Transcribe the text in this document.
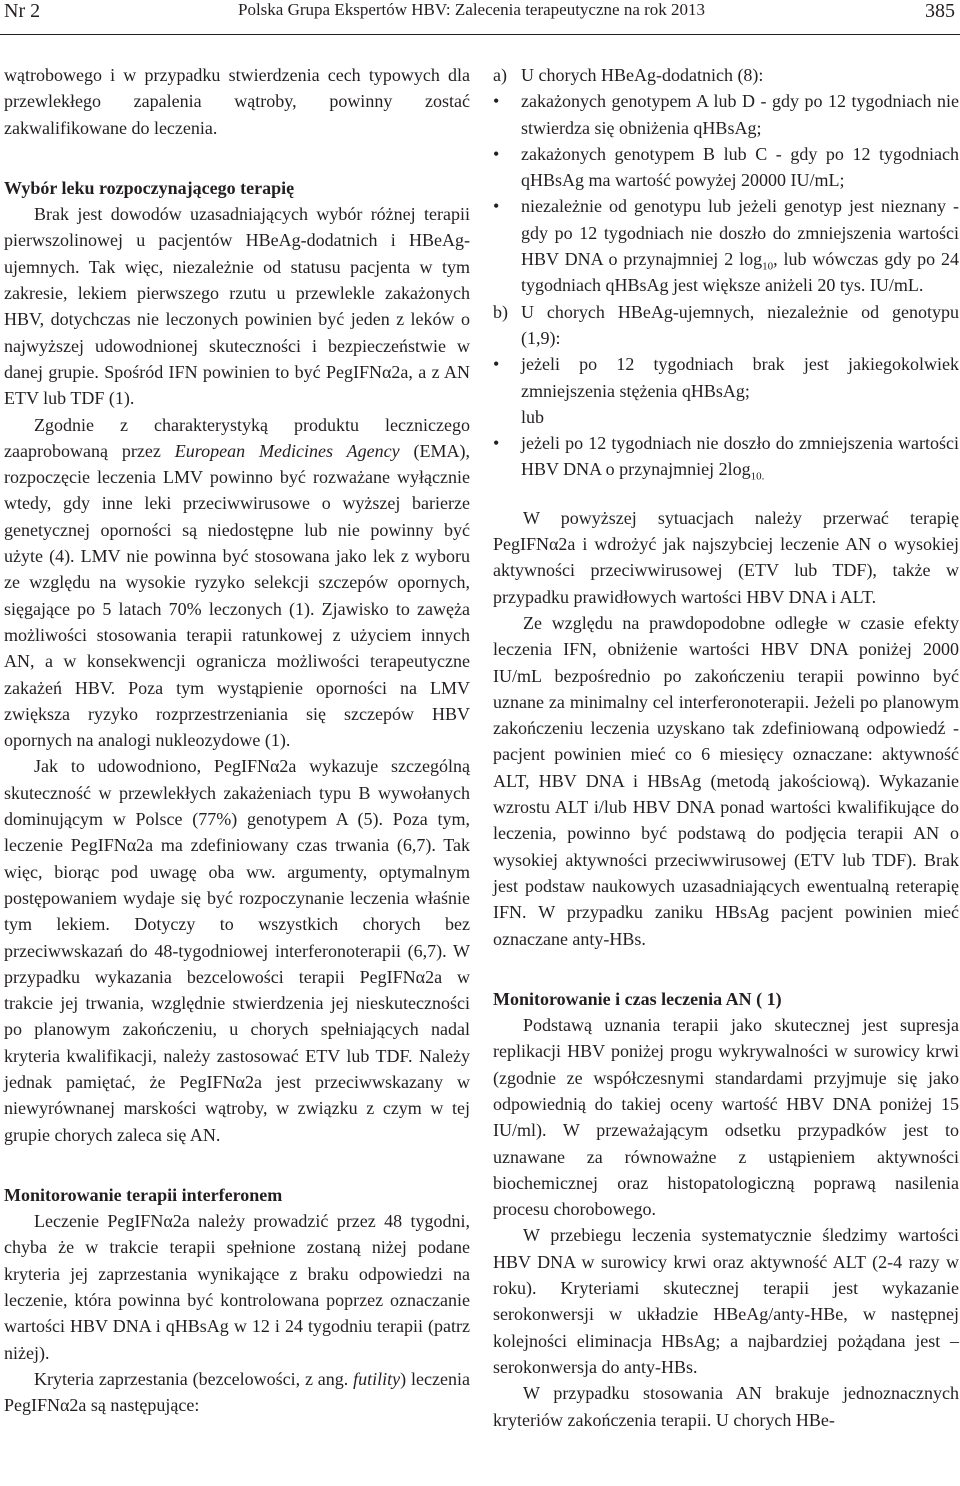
Nr 2	Polska Grupa Ekspertów HBV: Zalecenia terapeutyczne na rok 2013	385

wątrobowego i w przypadku stwierdzenia cech typowych dla przewlekłego zapalenia wątroby, powinny zostać zakwalifikowane do leczenia.

Wybór leku rozpoczynającego terapię

Brak jest dowodów uzasadniających wybór różnej terapii pierwszolinowej u pacjentów HBeAg-dodatnich i HBeAg-ujemnych. Tak więc, niezależnie od statusu pacjenta w tym zakresie, lekiem pierwszego rzutu u przewlekle zakażonych HBV, dotychczas nie leczonych powinien być jeden z leków o najwyższej udowodnionej skuteczności i bezpieczeństwie w danej grupie. Spośród IFN powinien to być PegIFNα2a, a z AN ETV lub TDF (1).

Zgodnie z charakterystyką produktu leczniczego zaaprobowaną przez European Medicines Agency (EMA), rozpoczęcie leczenia LMV powinno być rozważane wyłącznie wtedy, gdy inne leki przeciwwirusowe o wyższej barierze genetycznej oporności są niedostępne lub nie powinny być użyte (4). LMV nie powinna być stosowana jako lek z wyboru ze względu na wysokie ryzyko selekcji szczepów opornych, sięgające po 5 latach 70% leczonych (1). Zjawisko to zawęża możliwości stosowania terapii ratunkowej z użyciem innych AN, a w konsekwencji ogranicza możliwości terapeutyczne zakażeń HBV. Poza tym wystąpienie oporności na LMV zwiększa ryzyko rozprzestrzeniania się szczepów HBV opornych na analogi nukleozydowe (1).

Jak to udowodniono, PegIFNα2a wykazuje szczególną skuteczność w przewlekłych zakażeniach typu B wywołanych dominującym w Polsce (77%) genotypem A (5). Poza tym, leczenie PegIFNα2a ma zdefiniowany czas trwania (6,7). Tak więc, biorąc pod uwagę oba ww. argumenty, optymalnym postępowaniem wydaje się być rozpoczynanie leczenia właśnie tym lekiem. Dotyczy to wszystkich chorych bez przeciwwskazań do 48-tygodniowej interferonoterapii (6,7). W przypadku wykazania bezcelowości terapii PegIFNα2a w trakcie jej trwania, względnie stwierdzenia jej nieskuteczności po planowym zakończeniu, u chorych spełniających nadal kryteria kwalifikacji, należy zastosować ETV lub TDF. Należy jednak pamiętać, że PegIFNα2a jest przeciwwskazany w niewyrównanej marskości wątroby, w związku z czym w tej grupie chorych zaleca się AN.

Monitorowanie terapii interferonem

Leczenie PegIFNα2a należy prowadzić przez 48 tygodni, chyba że w trakcie terapii spełnione zostaną niżej podane kryteria jej zaprzestania wynikające z braku odpowiedzi na leczenie, która powinna być kontrolowana poprzez oznaczanie wartości HBV DNA i qHBsAg w 12 i 24 tygodniu terapii (patrz niżej).

Kryteria zaprzestania (bezcelowości, z ang. futility) leczenia PegIFNα2a są następujące:

a) U chorych HBeAg-dodatnich (8):

• zakażonych genotypem A lub D - gdy po 12 tygodniach nie stwierdza się obniżenia qHBsAg;

• zakażonych genotypem B lub C - gdy po 12 tygodniach qHBsAg ma wartość powyżej 20000 IU/mL;

• niezależnie od genotypu lub jeżeli genotyp jest nieznany - gdy po 12 tygodniach nie doszło do zmniejszenia wartości HBV DNA o przynajmniej 2 $\log_{10}$, lub wówczas gdy po 24 tygodniach qHBsAg jest większe aniżeli 20 tys. IU/mL.

b) U chorych HBeAg-ujemnych, niezależnie od genotypu (1,9):

• jeżeli po 12 tygodniach brak jest jakiegokolwiek zmniejszenia stężenia qHBsAg;

lub

• jeżeli po 12 tygodniach nie doszło do zmniejszenia wartości HBV DNA o przynajmniej $2\log_{10.}$

W powyższej sytuacjach należy przerwać terapię PegIFNα2a i wdrożyć jak najszybciej leczenie AN o wysokiej aktywności przeciwwirusowej (ETV lub TDF), także w przypadku prawidłowych wartości HBV DNA i ALT.

Ze względu na prawdopodobne odległe w czasie efekty leczenia IFN, obniżenie wartości HBV DNA poniżej 2000 IU/mL bezpośrednio po zakończeniu terapii powinno być uznane za minimalny cel interferonoterapii. Jeżeli po planowym zakończeniu leczenia uzyskano tak zdefiniowaną odpowiedź - pacjent powinien mieć co 6 miesięcy oznaczane: aktywność ALT, HBV DNA i HBsAg (metodą jakościową). Wykazanie wzrostu ALT i/lub HBV DNA ponad wartości kwalifikujące do leczenia, powinno być podstawą do podjęcia terapii AN o wysokiej aktywności przeciwwirusowej (ETV lub TDF). Brak jest podstaw naukowych uzasadniających ewentualną reterapię IFN. W przypadku zaniku HBsAg pacjent powinien mieć oznaczane anty-HBs.

Monitorowanie i czas leczenia AN ( 1)

Podstawą uznania terapii jako skutecznej jest supresja replikacji HBV poniżej progu wykrywalności w surowicy krwi (zgodnie ze współczesnymi standardami przyjmuje się jako odpowiednią do takiej oceny wartość HBV DNA poniżej 15 IU/ml). W przeważającym odsetku przypadków jest to uznawane za równoważne z ustąpieniem aktywności biochemicznej oraz histopatologiczną poprawą nasilenia procesu chorobowego.

W przebiegu leczenia systematycznie śledzimy wartości HBV DNA w surowicy krwi oraz aktywność ALT (2-4 razy w roku). Kryteriami skutecznej terapii jest wykazanie serokonwersji w układzie HBeAg/anty-HBe, w następnej kolejności eliminacja HBsAg; a najbardziej pożądana jest – serokonwersja do anty-HBs.

W przypadku stosowania AN brakuje jednoznacznych kryteriów zakończenia terapii. U chorych HBe-
